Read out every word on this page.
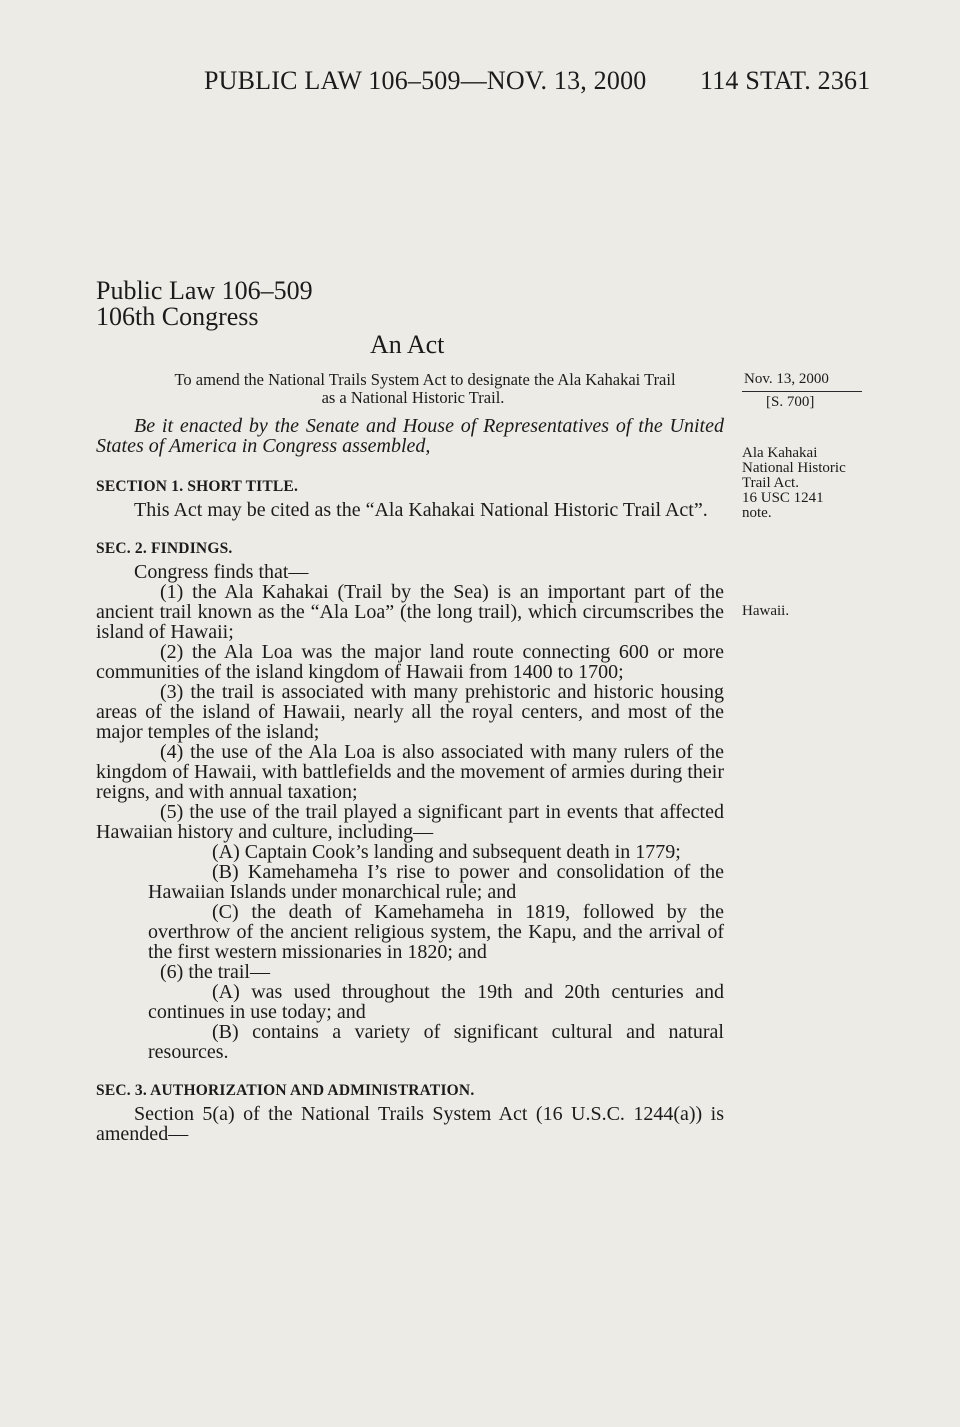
PUBLIC LAW 106–509—NOV. 13, 2000 114 STAT. 2361
Public Law 106–509
106th Congress
An Act
To amend the National Trails System Act to designate the Ala Kahakai Trail
as a National Historic Trail.
Nov. 13, 2000
[S. 700]
Ala Kahakai
National Historic
Trail Act.
16 USC 1241
note.
Hawaii.
Be it enacted by the Senate and House of Representatives of the United States of America in Congress assembled,
SECTION 1. SHORT TITLE.
This Act may be cited as the “Ala Kahakai National Historic Trail Act”.
SEC. 2. FINDINGS.
Congress finds that—
(1) the Ala Kahakai (Trail by the Sea) is an important part of the ancient trail known as the “Ala Loa” (the long trail), which circumscribes the island of Hawaii;
(2) the Ala Loa was the major land route connecting 600 or more communities of the island kingdom of Hawaii from 1400 to 1700;
(3) the trail is associated with many prehistoric and historic housing areas of the island of Hawaii, nearly all the royal centers, and most of the major temples of the island;
(4) the use of the Ala Loa is also associated with many rulers of the kingdom of Hawaii, with battlefields and the movement of armies during their reigns, and with annual taxation;
(5) the use of the trail played a significant part in events that affected Hawaiian history and culture, including—
(A) Captain Cook’s landing and subsequent death in 1779;
(B) Kamehameha I’s rise to power and consolidation of the Hawaiian Islands under monarchical rule; and
(C) the death of Kamehameha in 1819, followed by the overthrow of the ancient religious system, the Kapu, and the arrival of the first western missionaries in 1820; and
(6) the trail—
(A) was used throughout the 19th and 20th centuries and continues in use today; and
(B) contains a variety of significant cultural and natural resources.
SEC. 3. AUTHORIZATION AND ADMINISTRATION.
Section 5(a) of the National Trails System Act (16 U.S.C. 1244(a)) is amended—
